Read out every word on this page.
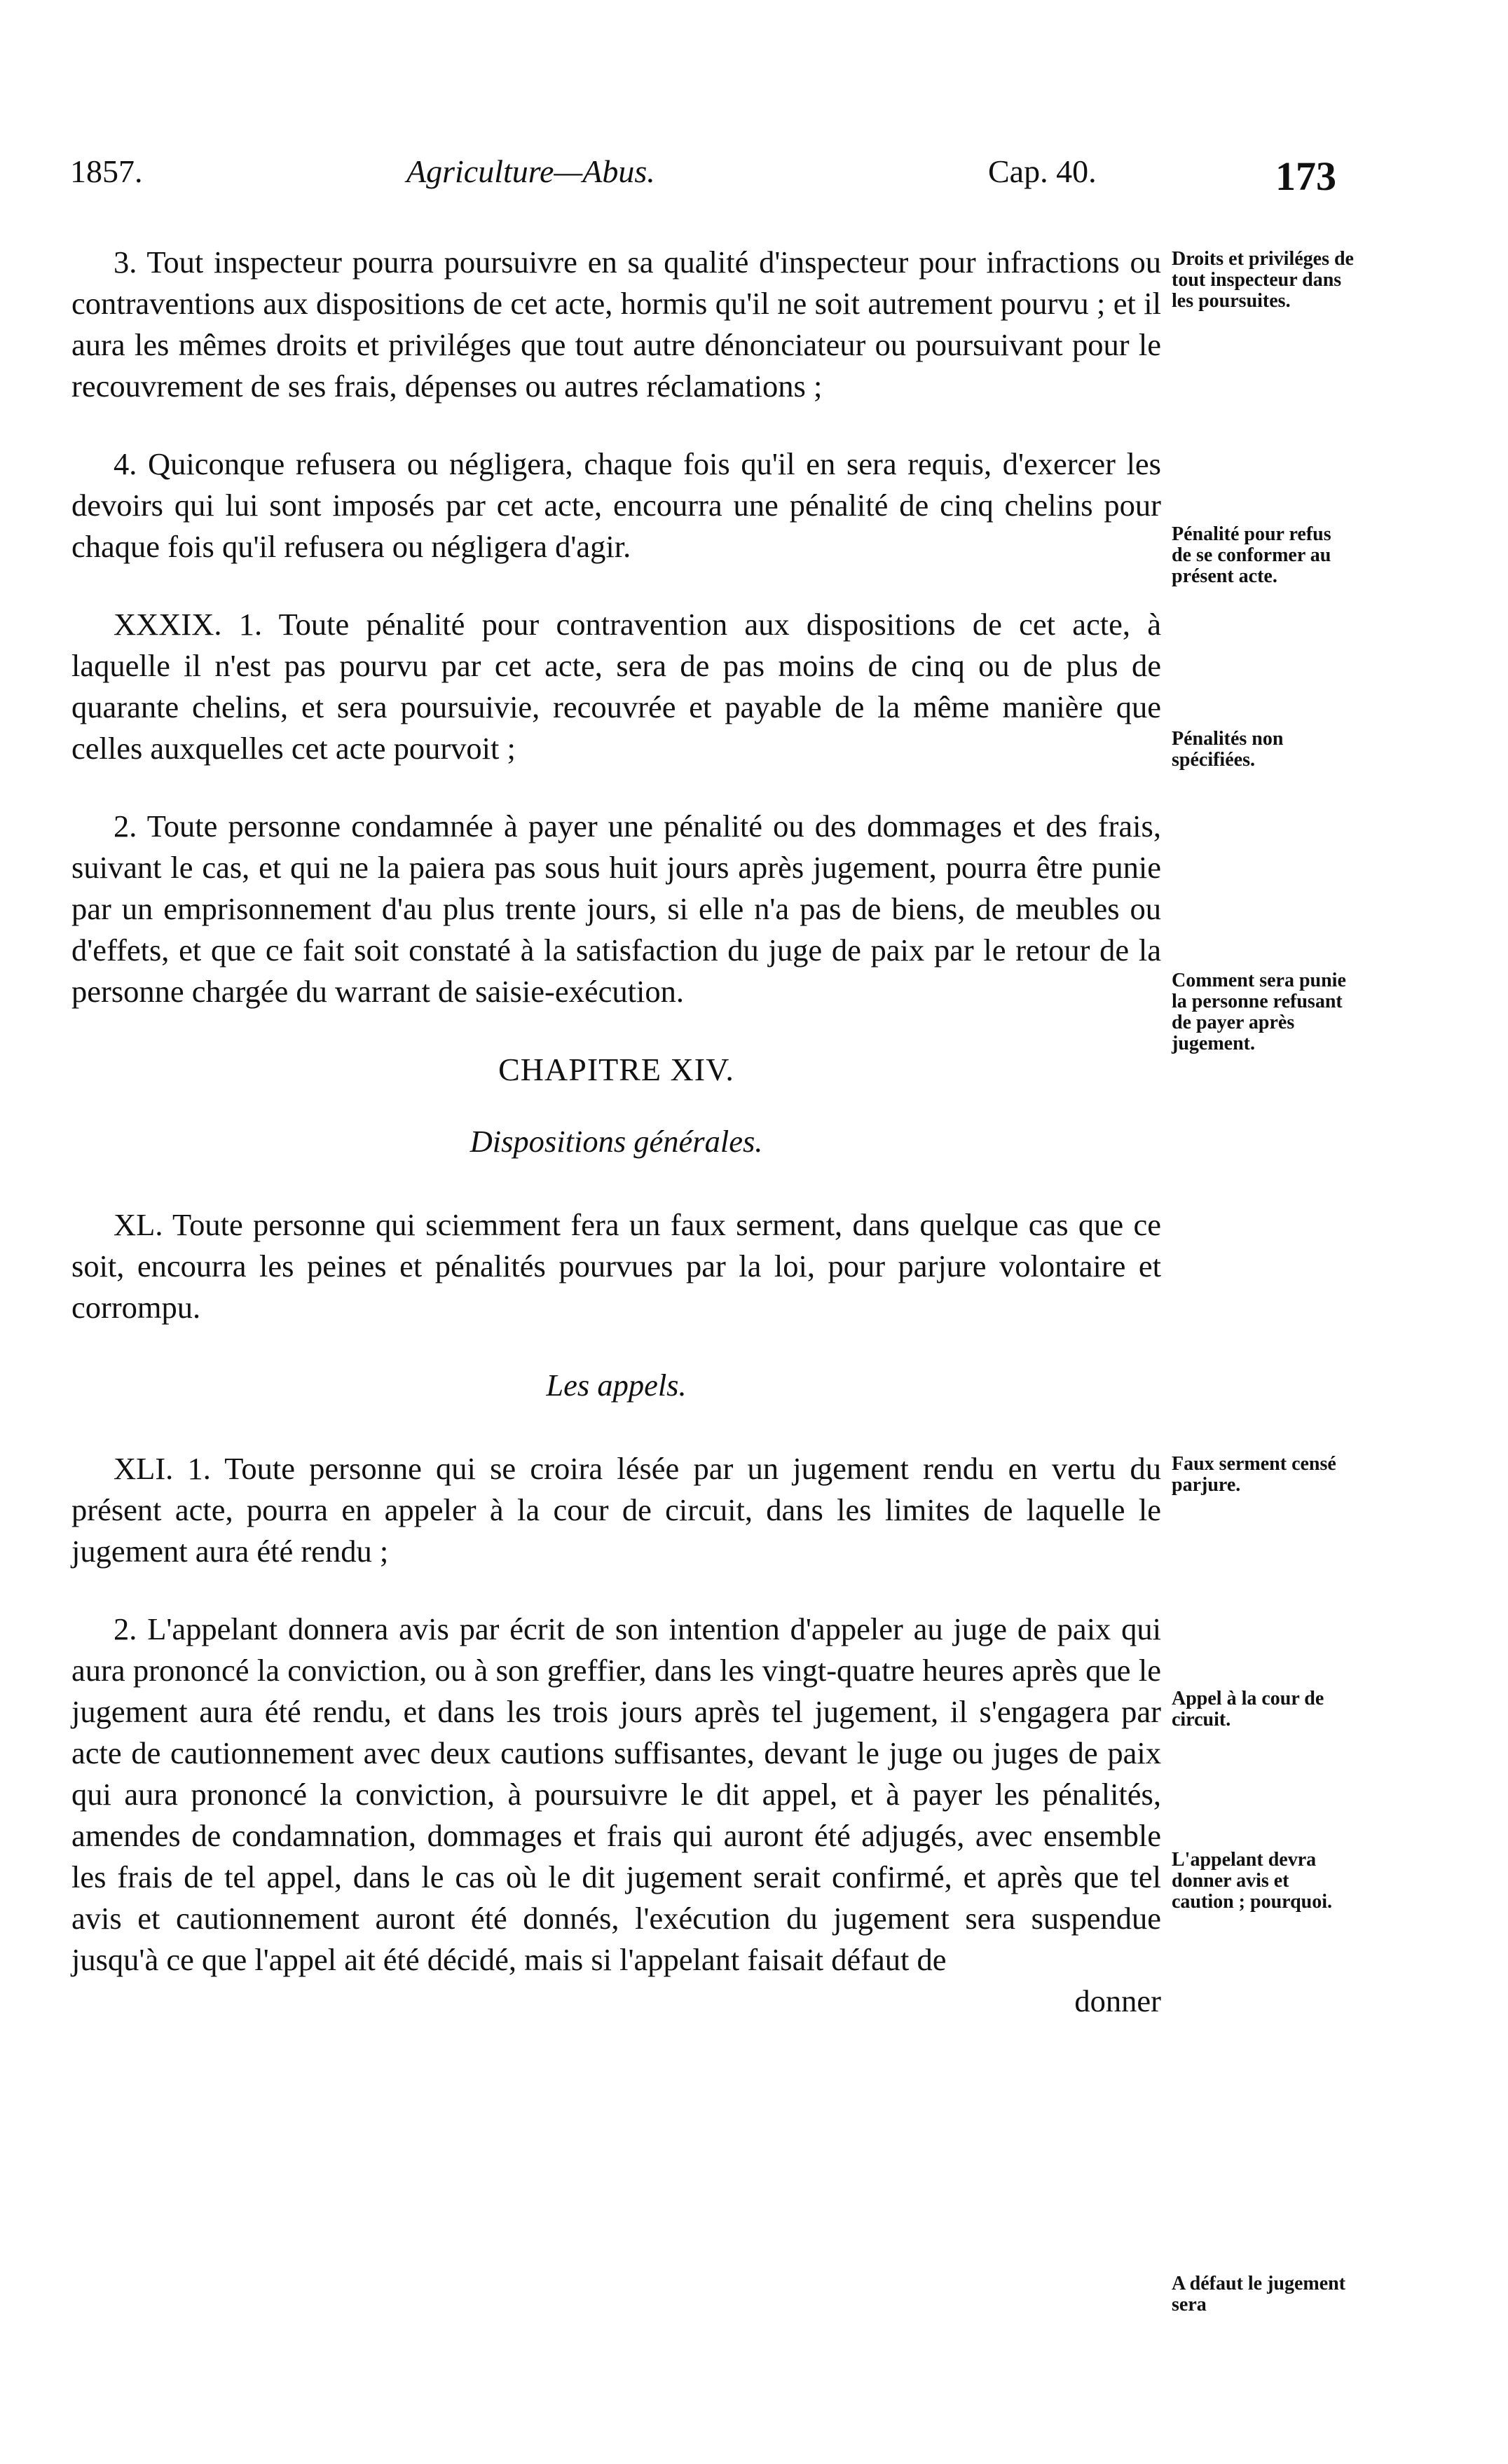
1857.	Agriculture—Abus.	Cap. 40.	173

3. Tout inspecteur pourra poursuivre en sa qualité d'inspecteur pour infractions ou contraventions aux dispositions de cet acte, hormis qu'il ne soit autrement pourvu ; et il aura les mêmes droits et priviléges que tout autre dénonciateur ou poursuivant pour le recouvrement de ses frais, dépenses ou autres réclamations ;

4. Quiconque refusera ou négligera, chaque fois qu'il en sera requis, d'exercer les devoirs qui lui sont imposés par cet acte, encourra une pénalité de cinq chelins pour chaque fois qu'il refusera ou négligera d'agir.

XXXIX. 1. Toute pénalité pour contravention aux dispositions de cet acte, à laquelle il n'est pas pourvu par cet acte, sera de pas moins de cinq ou de plus de quarante chelins, et sera poursuivie, recouvrée et payable de la même manière que celles auxquelles cet acte pourvoit ;

2. Toute personne condamnée à payer une pénalité ou des dommages et des frais, suivant le cas, et qui ne la paiera pas sous huit jours après jugement, pourra être punie par un emprisonnement d'au plus trente jours, si elle n'a pas de biens, de meubles ou d'effets, et que ce fait soit constaté à la satisfaction du juge de paix par le retour de la personne chargée du warrant de saisie-exécution.

CHAPITRE XIV.

Dispositions générales.

XL. Toute personne qui sciemment fera un faux serment, dans quelque cas que ce soit, encourra les peines et pénalités pourvues par la loi, pour parjure volontaire et corrompu.

Les appels.

XLI. 1. Toute personne qui se croira lésée par un jugement rendu en vertu du présent acte, pourra en appeler à la cour de circuit, dans les limites de laquelle le jugement aura été rendu ;

2. L'appelant donnera avis par écrit de son intention d'appeler au juge de paix qui aura prononcé la conviction, ou à son greffier, dans les vingt-quatre heures après que le jugement aura été rendu, et dans les trois jours après tel jugement, il s'engagera par acte de cautionnement avec deux cautions suffisantes, devant le juge ou juges de paix qui aura prononcé la conviction, à poursuivre le dit appel, et à payer les pénalités, amendes de condamnation, dommages et frais qui auront été adjugés, avec ensemble les frais de tel appel, dans le cas où le dit jugement serait confirmé, et après que tel avis et cautionnement auront été donnés, l'exécution du jugement sera suspendue jusqu'à ce que l'appel ait été décidé, mais si l'appelant faisait défaut de

donner

Droits et priviléges de tout inspecteur dans les poursuites.
Pénalité pour refus de se conformer au présent acte.
Pénalités non spécifiées.
Comment sera punie la personne refusant de payer après jugement.
Faux serment censé parjure.
Appel à la cour de circuit.
L'appelant devra donner avis et caution ; pourquoi.
A défaut le jugement sera
